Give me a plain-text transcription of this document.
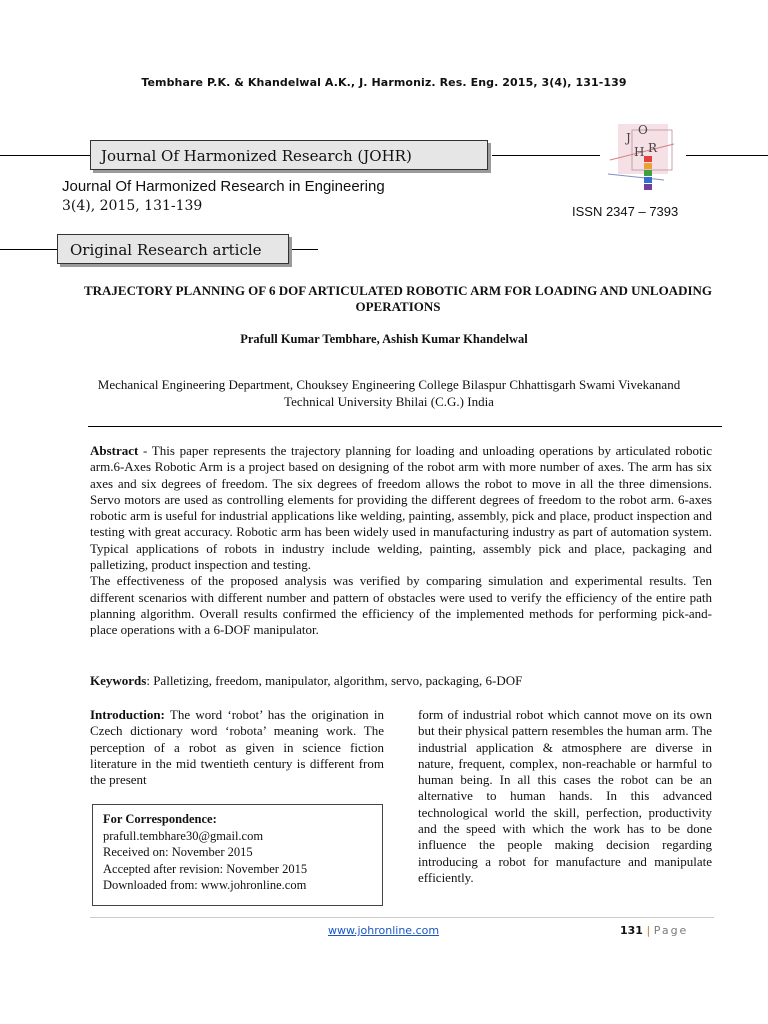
Tembhare P.K. & Khandelwal A.K., J. Harmoniz. Res. Eng. 2015, 3(4), 131-139
Journal Of Harmonized Research (JOHR)
J
O
H R
Journal Of Harmonized Research in Engineering
3(4), 2015, 131-139	ISSN 2347 – 7393
Original Research article
TRAJECTORY PLANNING OF 6 DOF ARTICULATED ROBOTIC ARM FOR LOADING AND UNLOADING OPERATIONS
Prafull Kumar Tembhare, Ashish Kumar Khandelwal
Mechanical Engineering Department, Chouksey Engineering College Bilaspur Chhattisgarh Swami Vivekanand Technical University Bhilai (C.G.) India

Abstract - This paper represents the trajectory planning for loading and unloading operations by articulated robotic arm.6-Axes Robotic Arm is a project based on designing of the robot arm with more number of axes. The arm has six axes and six degrees of freedom. The six degrees of freedom allows the robot to move in all the three dimensions. Servo motors are used as controlling elements for providing the different degrees of freedom to the robot arm. 6-axes robotic arm is useful for industrial applications like welding, painting, assembly, pick and place, product inspection and testing with great accuracy. Robotic arm has been widely used in manufacturing industry as part of automation system. Typical applications of robots in industry include welding, painting, assembly pick and place, packaging and palletizing, product inspection and testing.

The effectiveness of the proposed analysis was verified by comparing simulation and experimental results. Ten different scenarios with different number and pattern of obstacles were used to verify the efficiency of the entire path planning algorithm. Overall results confirmed the efficiency of the implemented methods for performing pick-and-place operations with a 6-DOF manipulator.

Keywords: Palletizing, freedom, manipulator, algorithm, servo, packaging, 6-DOF
Introduction: The word ‘robot’ has the origination in Czech dictionary word ‘robota’ meaning work. The perception of a robot as given in science fiction literature in the mid twentieth century is different from the present
For Correspondence:
prafull.tembhare30@gmail.com
Received on: November 2015
Accepted after revision: November 2015
Downloaded from: www.johronline.com
form of industrial robot which cannot move on its own but their physical pattern resembles the human arm. The industrial application & atmosphere are diverse in nature, frequent, complex, non-reachable or harmful to human being. In all this cases the robot can be an alternative to human hands. In this advanced technological world the skill, perfection, productivity and the speed with which the work has to be done influence the people making decision regarding introducing a robot for manufacture and manipulate efficiently.
www.johronline.com	131 | Page
